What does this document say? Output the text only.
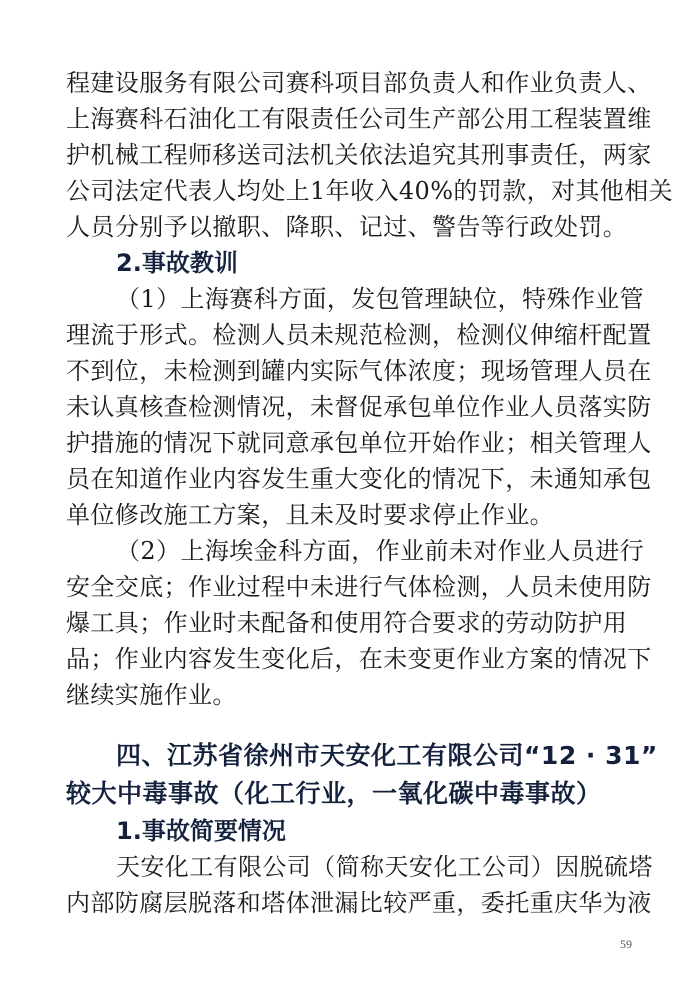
程建设服务有限公司赛科项目部负责人和作业负责人、
上海赛科石油化工有限责任公司生产部公用工程装置维
护机械工程师移送司法机关依法追究其刑事责任，两家
公司法定代表人均处上1年收入40%的罚款，对其他相关
人员分别予以撤职、降职、记过、警告等行政处罚。
2.事故教训
（1）上海赛科方面，发包管理缺位，特殊作业管
理流于形式。检测人员未规范检测，检测仪伸缩杆配置
不到位，未检测到罐内实际气体浓度；现场管理人员在
未认真核查检测情况，未督促承包单位作业人员落实防
护措施的情况下就同意承包单位开始作业；相关管理人
员在知道作业内容发生重大变化的情况下，未通知承包
单位修改施工方案，且未及时要求停止作业。
（2）上海埃金科方面，作业前未对作业人员进行
安全交底；作业过程中未进行气体检测，人员未使用防
爆工具；作业时未配备和使用符合要求的劳动防护用
品；作业内容发生变化后，在未变更作业方案的情况下
继续实施作业。
四、江苏省徐州市天安化工有限公司“12 · 31”
较大中毒事故（化工行业，一氧化碳中毒事故）
1.事故简要情况
天安化工有限公司（简称天安化工公司）因脱硫塔
内部防腐层脱落和塔体泄漏比较严重，委托重庆华为液
59
